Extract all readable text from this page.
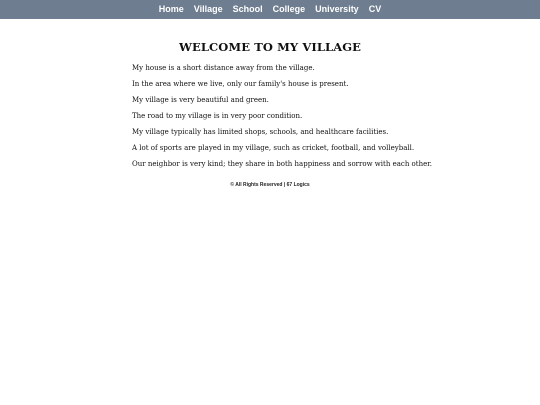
Home Village School College University CV
WELCOME TO MY VILLAGE

My house is a short distance away from the village.

In the area where we live, only our family's house is present.

My village is very beautiful and green.

The road to my village is in very poor condition.

My village typically has limited shops, schools, and healthcare facilities.

A lot of sports are played in my village, such as cricket, football, and volleyball.

Our neighbor is very kind; they share in both happiness and sorrow with each other.

© All Rights Reserved | 67 Logics
